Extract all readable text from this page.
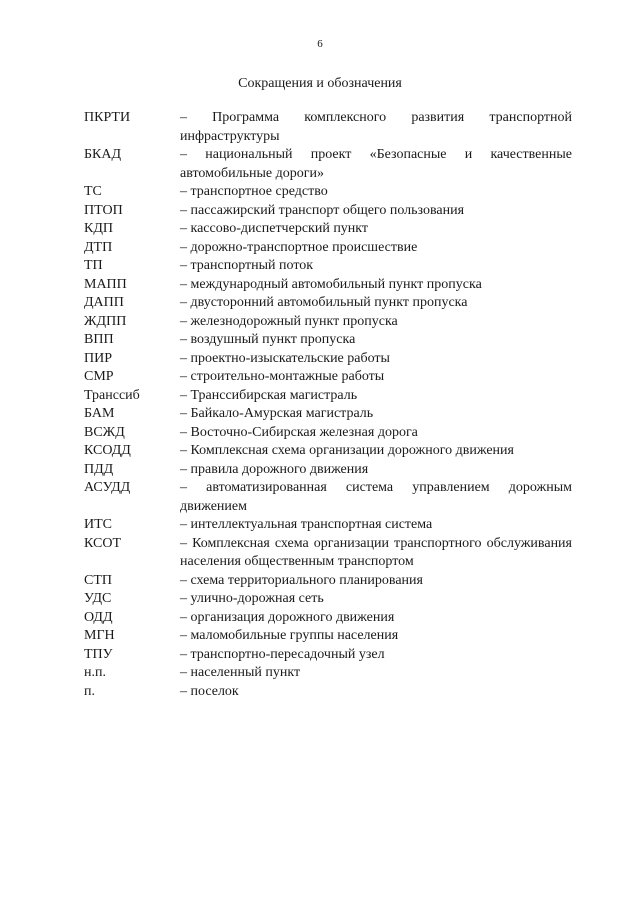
6
Сокращения и обозначения
ПКРТИ	– Программа комплексного развития транспортной инфраструктуры
БКАД	– национальный проект «Безопасные и качественные автомобильные дороги»
ТС	– транспортное средство
ПТОП	– пассажирский транспорт общего пользования
КДП	– кассово-диспетчерский пункт
ДТП	– дорожно-транспортное происшествие
ТП	– транспортный поток
МАПП	– международный автомобильный пункт пропуска
ДАПП	– двусторонний автомобильный пункт пропуска
ЖДПП	– железнодорожный пункт пропуска
ВПП	– воздушный пункт пропуска
ПИР	– проектно-изыскательские работы
СМР	– строительно-монтажные работы
Транссиб	– Транссибирская магистраль
БАМ	– Байкало-Амурская магистраль
ВСЖД	– Восточно-Сибирская железная дорога
КСОДД	– Комплексная схема организации дорожного движения
ПДД	– правила дорожного движения
АСУДД	– автоматизированная система управлением дорожным движением
ИТС	– интеллектуальная транспортная система
КСОТ	– Комплексная схема организации транспортного обслуживания населения общественным транспортом
СТП	– схема территориального планирования
УДС	– улично-дорожная сеть
ОДД	– организация дорожного движения
МГН	– маломобильные группы населения
ТПУ	– транспортно-пересадочный узел
н.п.	– населенный пункт
п.	– поселок
